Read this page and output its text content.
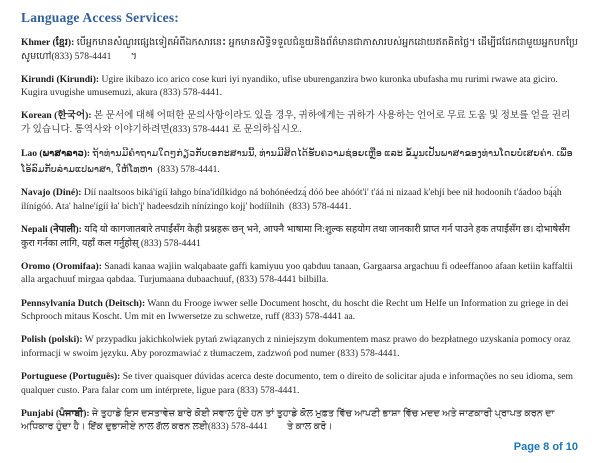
Language Access Services:

Khmer (ខ្មែរ): បើអ្នកមានសំណួរផ្សេងទៀតអំពីឯកសារនេះ អ្នកមានសិទ្ធិទទួលជំនួយនិងព័ត៌មានជាភាសារបស់អ្នកដោយឥតគិតថ្លៃ។ ដើម្បីជជែកជាមួយអ្នកបកប្រែ សូមហៅ(833) 578-4441        ។

Kirundi (Kirundi): Ugire ikibazo ico arico cose kuri iyi nyandiko, ufise uburenganzira bwo kuronka ubufasha mu rurimi rwawe ata giciro. Kugira uvugishe umusemuzi, akura (833) 578-4441.

Korean (한국어): 본 문서에 대해 어떠한 문의사항이라도 있을 경우, 귀하에게는 귀하가 사용하는 언어로 무료 도움 및 정보를 얻을 권리가 있습니다. 통역사와 이야기하려면(833) 578-4441 로 문의하십시오.

Lao (ພາສາລາວ): ຖ້າທ່ານມີຄຳຖາມໃດໆກ່ຽວກັບເອກະສານນີ້, ທ່ານມີສິດໄດ້ຮັບຄວາມຊ່ອຍເຫຼືອ ແລະ ຂໍ້ມູນເປັນພາສາຂອງທ່ານໂດຍບໍ່ເສຍຄ່າ. ເພື່ອໂອ້ລົມກັບລ່າມແປພາສາ, ໃຫ້ໂທຫາ  (833) 578-4441.

Navajo (Diné): Díí naaltsoos biká'ígíí łahgo bína'ídílkidgo ná bohónéedzą́ dóó bee ahóót'i' t'áá ni nizaad k'ehjí bee nił hodoonih t'áadoo bą́ą́h ílínígóó. Ata' halne'ígíí ła' bich'į' hadeesdzih nínízingo kojį' hodíílnih  (833) 578-4441.

Nepali (नेपाली): यदि यो कागजातबारे तपाईंसँग केही प्रश्नहरू छन् भने, आफ्नै भाषामा नि:शुल्क सहयोग तथा जानकारी प्राप्त गर्न पाउने हक तपाईंसँग छ। दोभाषेसँग कुरा गर्नका लागि, यहाँ कल गर्नुहोस् (833) 578-4441

Oromo (Oromifaa): Sanadi kanaa wajiin walqabaate gaffi kamiyuu yoo qabduu tanaan, Gargaarsa argachuu fi odeeffanoo afaan ketiin kaffaltii alla argachuuf mirgaa qabdaa. Turjumaana dubaachuuf, (833) 578-4441 bilbilla.

Pennsylvania Dutch (Deitsch): Wann du Frooge iwwer selle Document hoscht, du hoscht die Recht um Helfe un Information zu griege in dei Schprooch mitaus Koscht. Um mit en Iwwersetze zu schwetze, ruff (833) 578-4441 aa.

Polish (polski): W przypadku jakichkolwiek pytań związanych z niniejszym dokumentem masz prawo do bezpłatnego uzyskania pomocy oraz informacji w swoim języku. Aby porozmawiać z tłumaczem, zadzwoń pod numer (833) 578-4441.

Portuguese (Português): Se tiver quaisquer dúvidas acerca deste documento, tem o direito de solicitar ajuda e informações no seu idioma, sem qualquer custo. Para falar com um intérprete, ligue para (833) 578-4441.

Punjabi (ਪੰਜਾਬੀ): ਜੇ ਤੁਹਾਡੇ ਇਸ ਦਸਤਾਵੇਜ਼ ਬਾਰੇ ਕੋਈ ਸਵਾਲ ਹੁੰਦੇ ਹਨ ਤਾਂ ਤੁਹਾਡੇ ਕੋਲ ਮੁਫ਼ਤ ਵਿੱਚ ਆਪਣੀ ਭਾਸ਼ਾ ਵਿੱਚ ਮਦਦ ਅਤੇ ਜਾਣਕਾਰੀ ਪ੍ਰਾਪਤ ਕਰਨ ਦਾ ਅਧਿਕਾਰ ਹੁੰਦਾ ਹੈ। ਇੱਕ ਦੁਭਾਸ਼ੀਏ ਨਾਲ ਗੱਲ ਕਰਨ ਲਈ(833) 578-4441        ਤੇ ਕਾਲ ਕਰੋ।

Page 8 of 10
